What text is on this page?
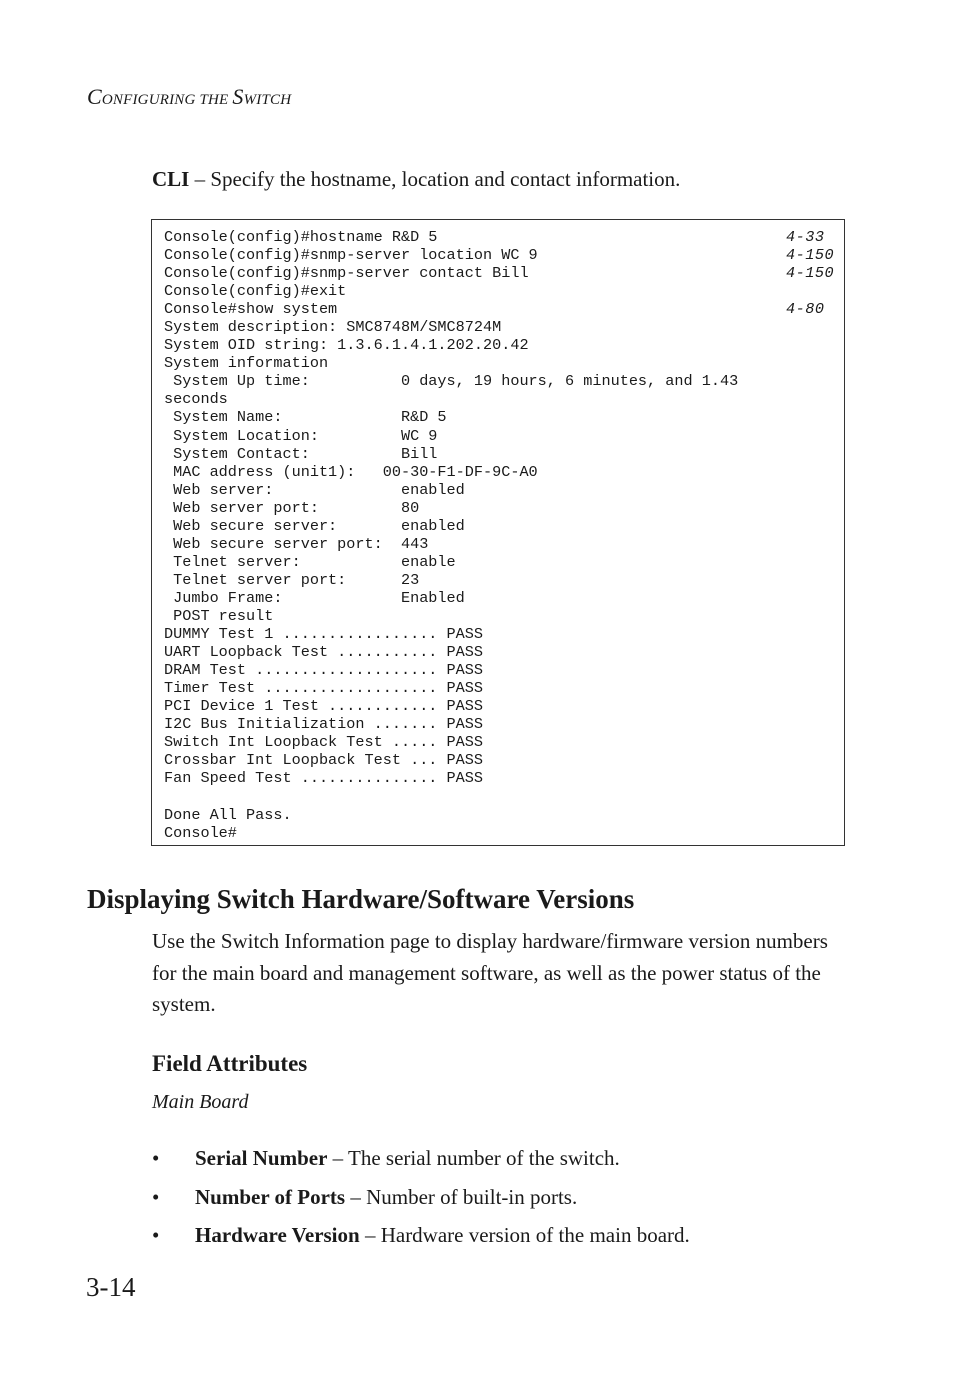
CONFIGURING THE SWITCH
CLI – Specify the hostname, location and contact information.
Console(config)#hostname R&D 5	4-33
Console(config)#snmp-server location WC 9	4-150
Console(config)#snmp-server contact Bill	4-150
Console(config)#exit
Console#show system	4-80
System description: SMC8748M/SMC8724M
System OID string: 1.3.6.1.4.1.202.20.42
System information
System Up time:          0 days, 19 hours, 6 minutes, and 1.43
seconds
System Name:             R&D 5
System Location:         WC 9
System Contact:          Bill
MAC address (unit1):   00-30-F1-DF-9C-A0
Web server:              enabled
Web server port:         80
Web secure server:       enabled
Web secure server port:  443
Telnet server:           enable
Telnet server port:      23
Jumbo Frame:             Enabled
POST result
DUMMY Test 1 ................. PASS
UART Loopback Test ........... PASS
DRAM Test .................... PASS
Timer Test ................... PASS
PCI Device 1 Test ............ PASS
I2C Bus Initialization ....... PASS
Switch Int Loopback Test ..... PASS
Crossbar Int Loopback Test ... PASS
Fan Speed Test ............... PASS
Done All Pass.
Console#
Displaying Switch Hardware/Software Versions

Use the Switch Information page to display hardware/firmware version numbers for the main board and management software, as well as the power status of the system.

Field Attributes
Main Board
• Serial Number – The serial number of the switch.
• Number of Ports – Number of built-in ports.
• Hardware Version – Hardware version of the main board.
3-14
